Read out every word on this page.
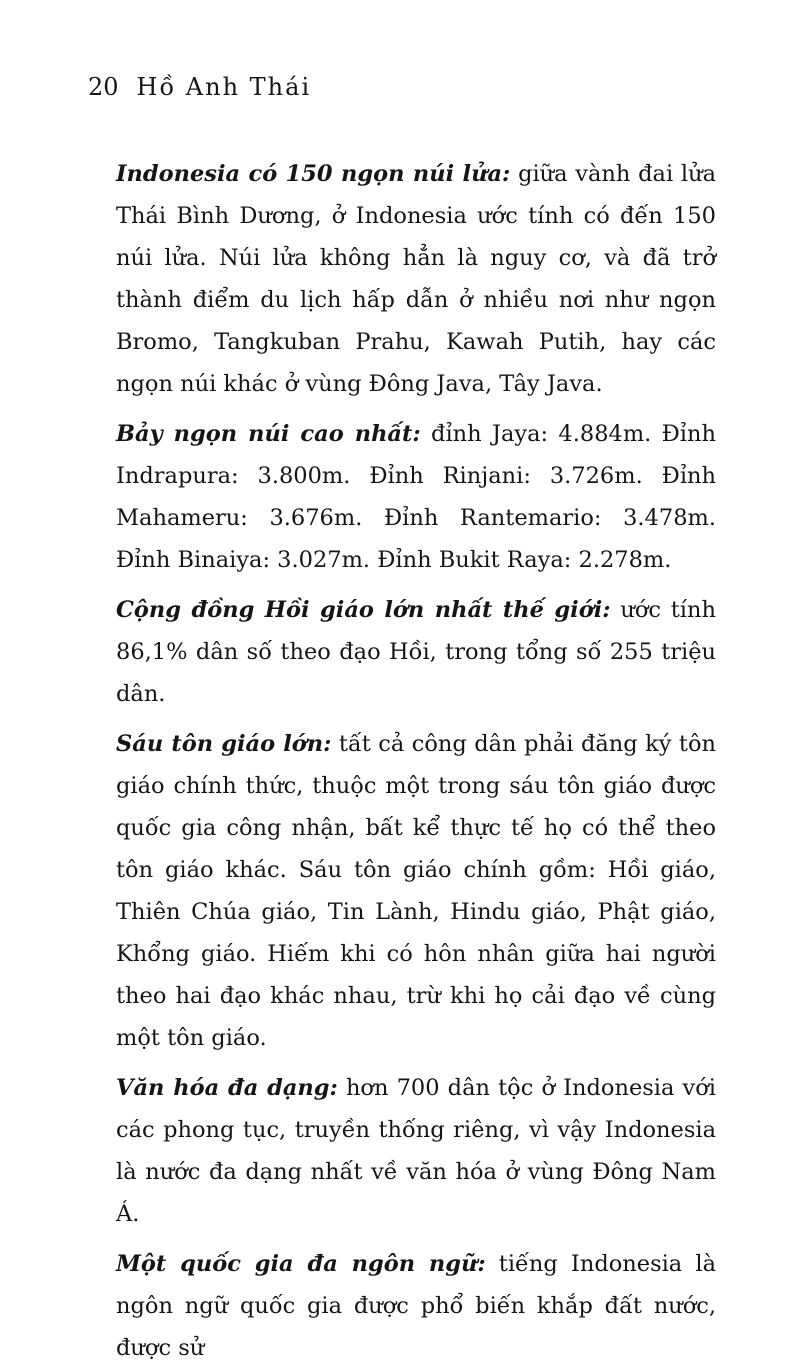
20 Hồ Anh Thái

Indonesia có 150 ngọn núi lửa: giữa vành đai lửa Thái Bình Dương, ở Indonesia ước tính có đến 150 núi lửa. Núi lửa không hẳn là nguy cơ, và đã trở thành điểm du lịch hấp dẫn ở nhiều nơi như ngọn Bromo, Tangkuban Prahu, Kawah Putih, hay các ngọn núi khác ở vùng Đông Java, Tây Java.

Bảy ngọn núi cao nhất: đỉnh Jaya: 4.884m. Đỉnh Indrapura: 3.800m. Đỉnh Rinjani: 3.726m. Đỉnh Mahameru: 3.676m. Đỉnh Rantemario: 3.478m. Đỉnh Binaiya: 3.027m. Đỉnh Bukit Raya: 2.278m.

Cộng đồng Hồi giáo lớn nhất thế giới: ước tính 86,1% dân số theo đạo Hồi, trong tổng số 255 triệu dân.

Sáu tôn giáo lớn: tất cả công dân phải đăng ký tôn giáo chính thức, thuộc một trong sáu tôn giáo được quốc gia công nhận, bất kể thực tế họ có thể theo tôn giáo khác. Sáu tôn giáo chính gồm: Hồi giáo, Thiên Chúa giáo, Tin Lành, Hindu giáo, Phật giáo, Khổng giáo. Hiếm khi có hôn nhân giữa hai người theo hai đạo khác nhau, trừ khi họ cải đạo về cùng một tôn giáo.

Văn hóa đa dạng: hơn 700 dân tộc ở Indonesia với các phong tục, truyền thống riêng, vì vậy Indonesia là nước đa dạng nhất về văn hóa ở vùng Đông Nam Á.

Một quốc gia đa ngôn ngữ: tiếng Indonesia là ngôn ngữ quốc gia được phổ biến khắp đất nước, được sử
